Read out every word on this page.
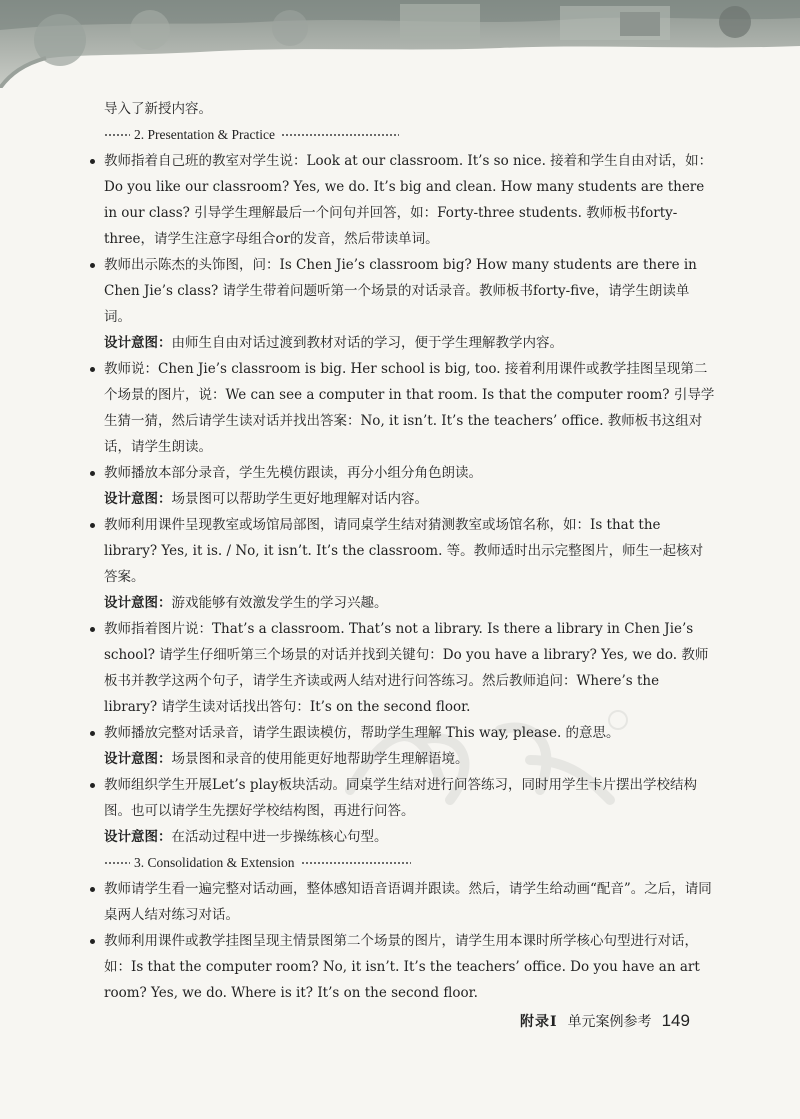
导入了新授内容。

2. Presentation & Practice

教师指着自己班的教室对学生说：Look at our classroom. It’s so nice. 接着和学生自由对话，如：Do you like our classroom? Yes, we do. It’s big and clean. How many students are there in our class? 引导学生理解最后一个问句并回答，如：Forty-three students. 教师板书forty-three，请学生注意字母组合or的发音，然后带读单词。

教师出示陈杰的头饰图，问：Is Chen Jie’s classroom big? How many students are there in Chen Jie’s class? 请学生带着问题听第一个场景的对话录音。教师板书forty-five，请学生朗读单词。

设计意图：由师生自由对话过渡到教材对话的学习，便于学生理解教学内容。

教师说：Chen Jie’s classroom is big. Her school is big, too. 接着利用课件或教学挂图呈现第二个场景的图片，说：We can see a computer in that room. Is that the computer room? 引导学生猜一猜，然后请学生读对话并找出答案：No, it isn’t. It’s the teachers’ office. 教师板书这组对话，请学生朗读。

教师播放本部分录音，学生先模仿跟读，再分小组分角色朗读。

设计意图：场景图可以帮助学生更好地理解对话内容。

教师利用课件呈现教室或场馆局部图，请同桌学生结对猜测教室或场馆名称，如：Is that the library? Yes, it is. / No, it isn’t. It’s the classroom. 等。教师适时出示完整图片，师生一起核对答案。

设计意图：游戏能够有效激发学生的学习兴趣。

教师指着图片说：That’s a classroom. That’s not a library. Is there a library in Chen Jie’s school? 请学生仔细听第三个场景的对话并找到关键句：Do you have a library? Yes, we do. 教师板书并教学这两个句子，请学生齐读或两人结对进行问答练习。然后教师追问：Where’s the library? 请学生读对话找出答句：It’s on the second floor.

教师播放完整对话录音，请学生跟读模仿，帮助学生理解 This way, please. 的意思。

设计意图：场景图和录音的使用能更好地帮助学生理解语境。

教师组织学生开展Let’s play板块活动。同桌学生结对进行问答练习，同时用学生卡片摆出学校结构图。也可以请学生先摆好学校结构图，再进行问答。

设计意图：在活动过程中进一步操练核心句型。

3. Consolidation & Extension

教师请学生看一遍完整对话动画，整体感知语音语调并跟读。然后，请学生给动画“配音”。之后，请同桌两人结对练习对话。

教师利用课件或教学挂图呈现主情景图第二个场景的图片，请学生用本课时所学核心句型进行对话，如：Is that the computer room? No, it isn’t. It’s the teachers’ office. Do you have an art room? Yes, we do. Where is it? It’s on the second floor.

附录Ⅰ 单元案例参考 149
